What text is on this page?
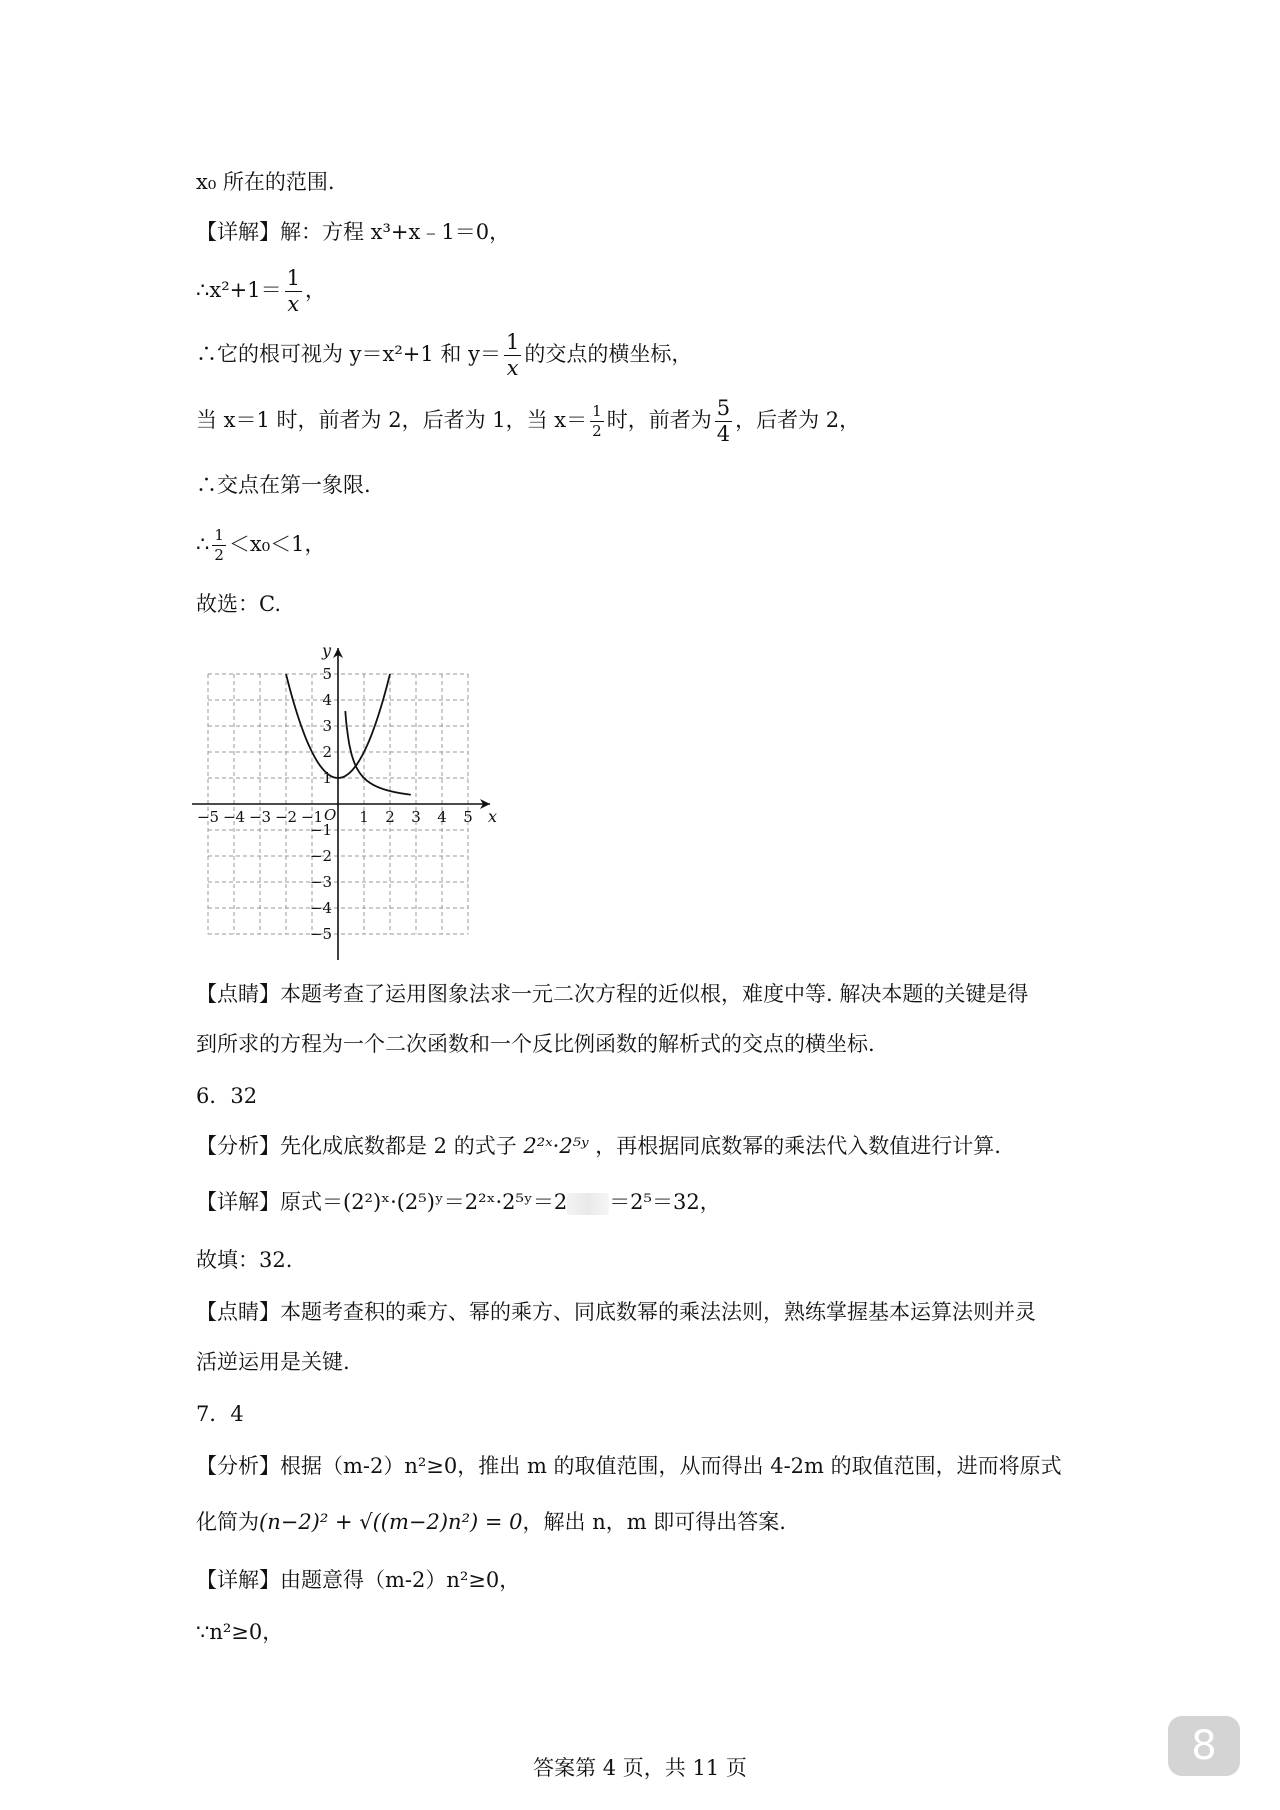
x₀ 所在的范围.
【详解】解：方程 x³+x﹣1＝0，
∴x²+1＝ $\frac{1}{x}$ ，
∴它的根可视为 y＝x²+1 和 $y= \frac{1}{x}$ 的交点的横坐标，
当 x＝1 时，前者为 2，后者为 1，当 $x= \frac{1}{2}$ 时，前者为 $\frac{5}{4}$ ，后者为 2，
∴交点在第一象限.
∴ $\frac{1}{2} <x_0<1$，
故选：C.
x
y
O
−5 −4 −3 −2 −1 1 2 3 4 5
5
4
3
2
1
−1
−2
−3
−4
−5
【点睛】本题考查了运用图象法求一元二次方程的近似根，难度中等. 解决本题的关键是得
到所求的方程为一个二次函数和一个反比例函数的解析式的交点的横坐标.
6．32
【分析】先化成底数都是 2 的式子 2²ˣ·2⁵ʸ ，再根据同底数幂的乘法代入数值进行计算.
【详解】原式＝(2²)ˣ·(2⁵)ʸ＝2²ˣ·2⁵ʸ＝2 ＝2⁵＝32，
故填：32.
【点睛】本题考查积的乘方、幂的乘方、同底数幂的乘法法则，熟练掌握基本运算法则并灵
活逆运用是关键.
7．4
【分析】根据（m-2）n²≥0，推出 m 的取值范围，从而得出 4-2m 的取值范围，进而将原式
化简为(n−2)² + √((m−2)n²) = 0，解出 n，m 即可得出答案.
【详解】由题意得（m-2）n²≥0，
∵n²≥0，
答案第 4 页，共 11 页	8
